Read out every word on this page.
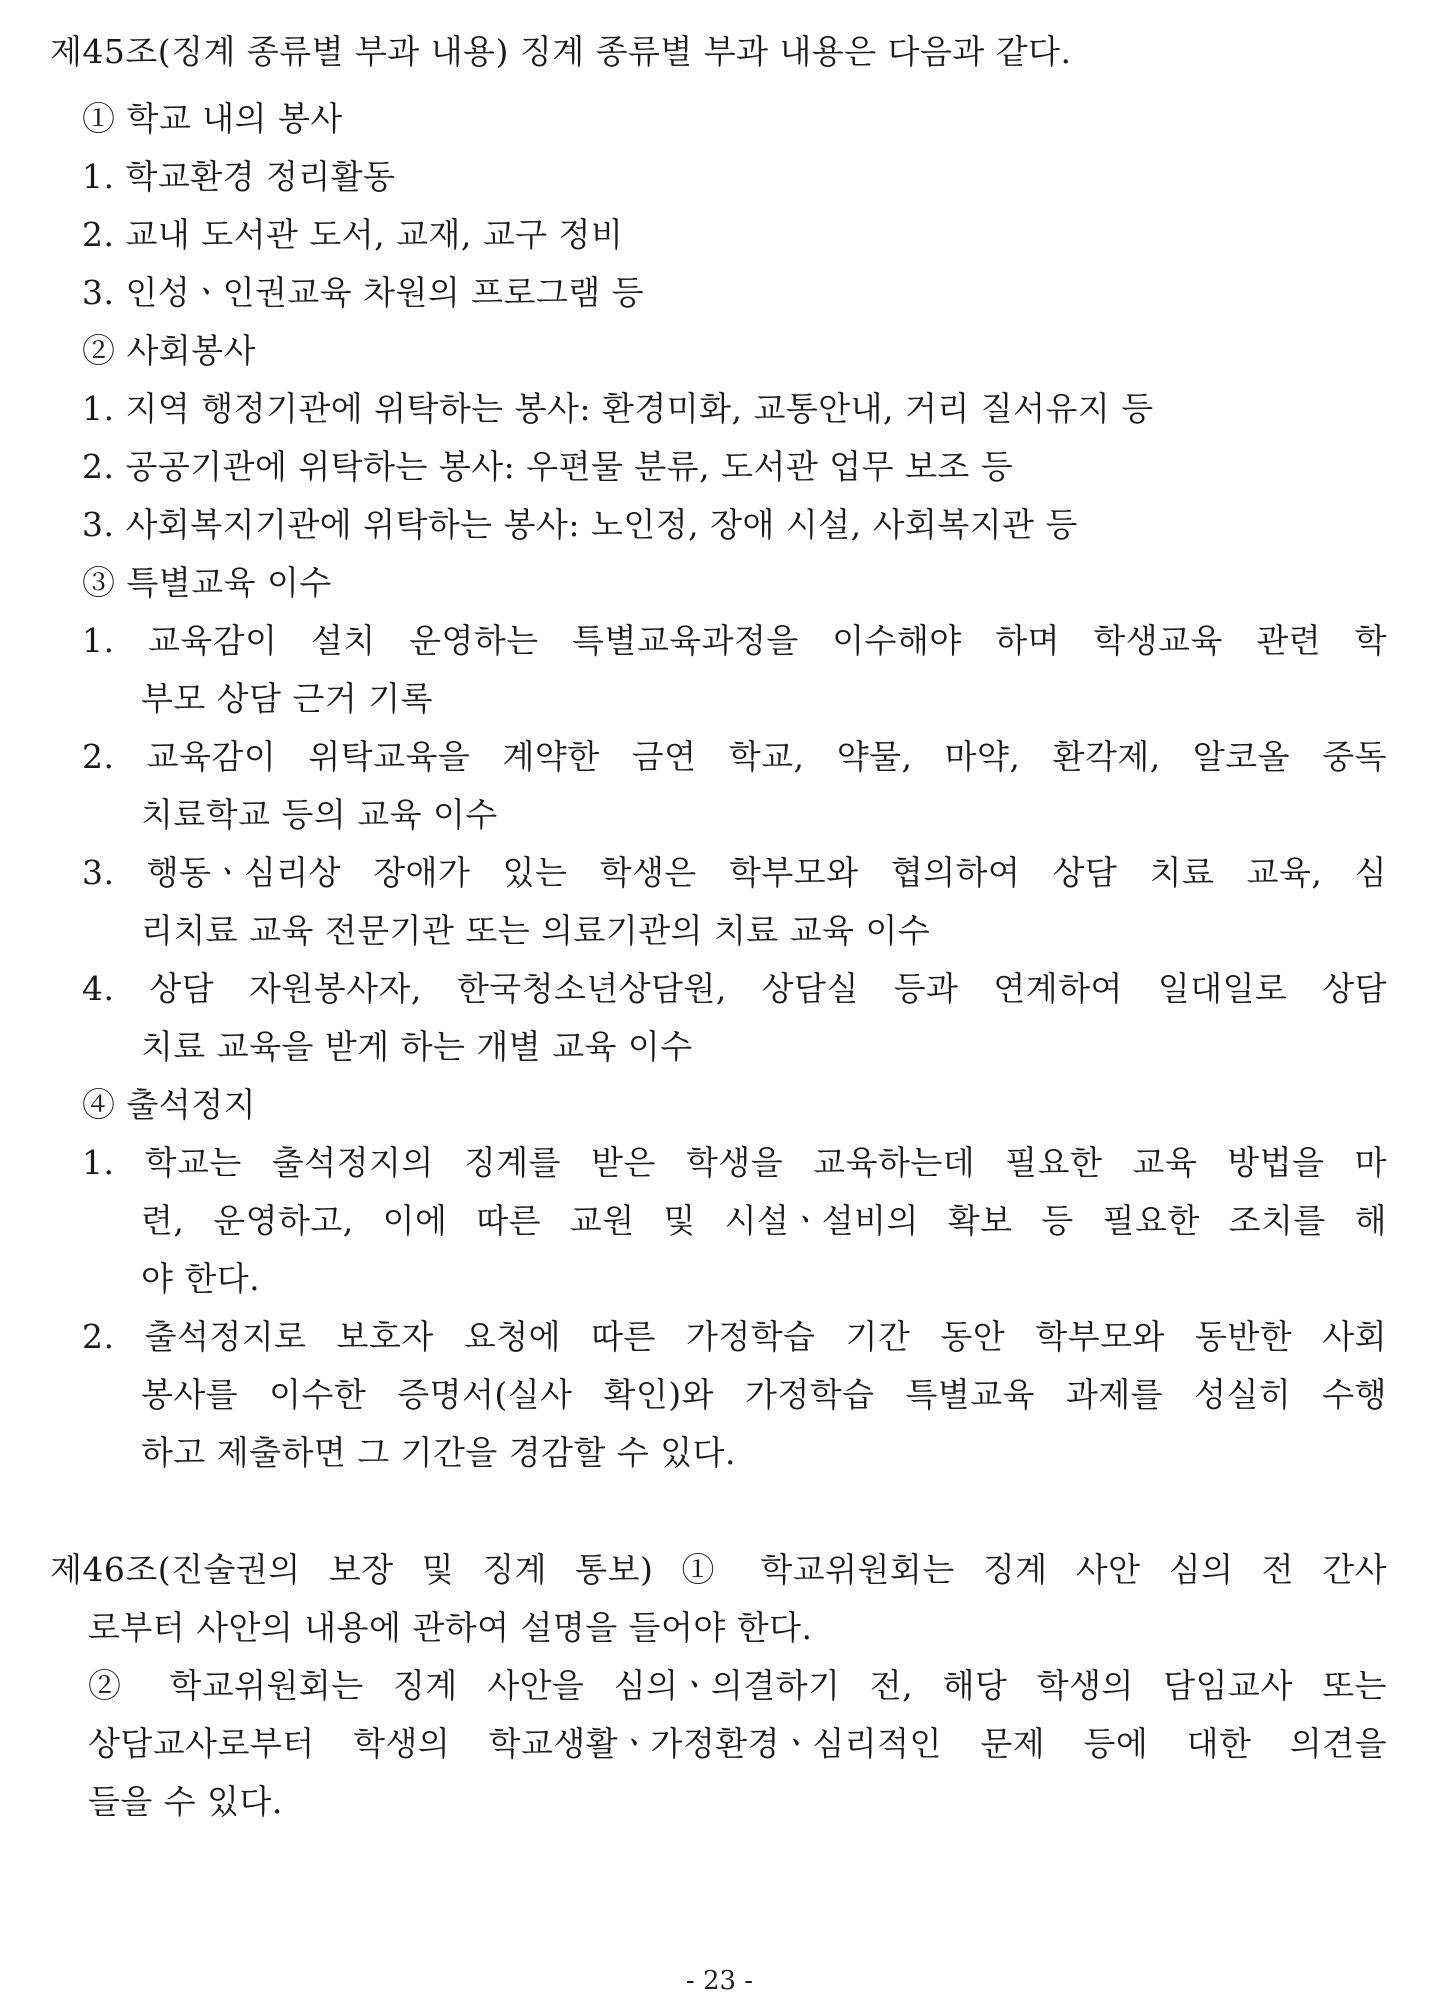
제45조(징계 종류별 부과 내용) 징계 종류별 부과 내용은 다음과 같다.
① 학교 내의 봉사
1. 학교환경 정리활동
2. 교내 도서관 도서, 교재, 교구 정비
3. 인성ㆍ인권교육 차원의 프로그램 등
② 사회봉사
1. 지역 행정기관에 위탁하는 봉사: 환경미화, 교통안내, 거리 질서유지 등
2. 공공기관에 위탁하는 봉사: 우편물 분류, 도서관 업무 보조 등
3. 사회복지기관에 위탁하는 봉사: 노인정, 장애 시설, 사회복지관 등
③ 특별교육 이수
1. 교육감이 설치 운영하는 특별교육과정을 이수해야 하며 학생교육 관련 학
부모 상담 근거 기록
2. 교육감이 위탁교육을 계약한 금연 학교, 약물, 마약, 환각제, 알코올 중독
치료학교 등의 교육 이수
3. 행동ㆍ심리상 장애가 있는 학생은 학부모와 협의하여 상담 치료 교육, 심
리치료 교육 전문기관 또는 의료기관의 치료 교육 이수
4. 상담 자원봉사자, 한국청소년상담원, 상담실 등과 연계하여 일대일로 상담
치료 교육을 받게 하는 개별 교육 이수
④ 출석정지
1. 학교는 출석정지의 징계를 받은 학생을 교육하는데 필요한 교육 방법을 마
련, 운영하고, 이에 따른 교원 및 시설ㆍ설비의 확보 등 필요한 조치를 해
야 한다.
2. 출석정지로 보호자 요청에 따른 가정학습 기간 동안 학부모와 동반한 사회
봉사를 이수한 증명서(실사 확인)와 가정학습 특별교육 과제를 성실히 수행
하고 제출하면 그 기간을 경감할 수 있다.
제46조(진술권의 보장 및 징계 통보) ① 학교위원회는 징계 사안 심의 전 간사
로부터 사안의 내용에 관하여 설명을 들어야 한다.
② 학교위원회는 징계 사안을 심의ㆍ의결하기 전, 해당 학생의 담임교사 또는
상담교사로부터 학생의 학교생활ㆍ가정환경ㆍ심리적인 문제 등에 대한 의견을
들을 수 있다.
- 23 -
